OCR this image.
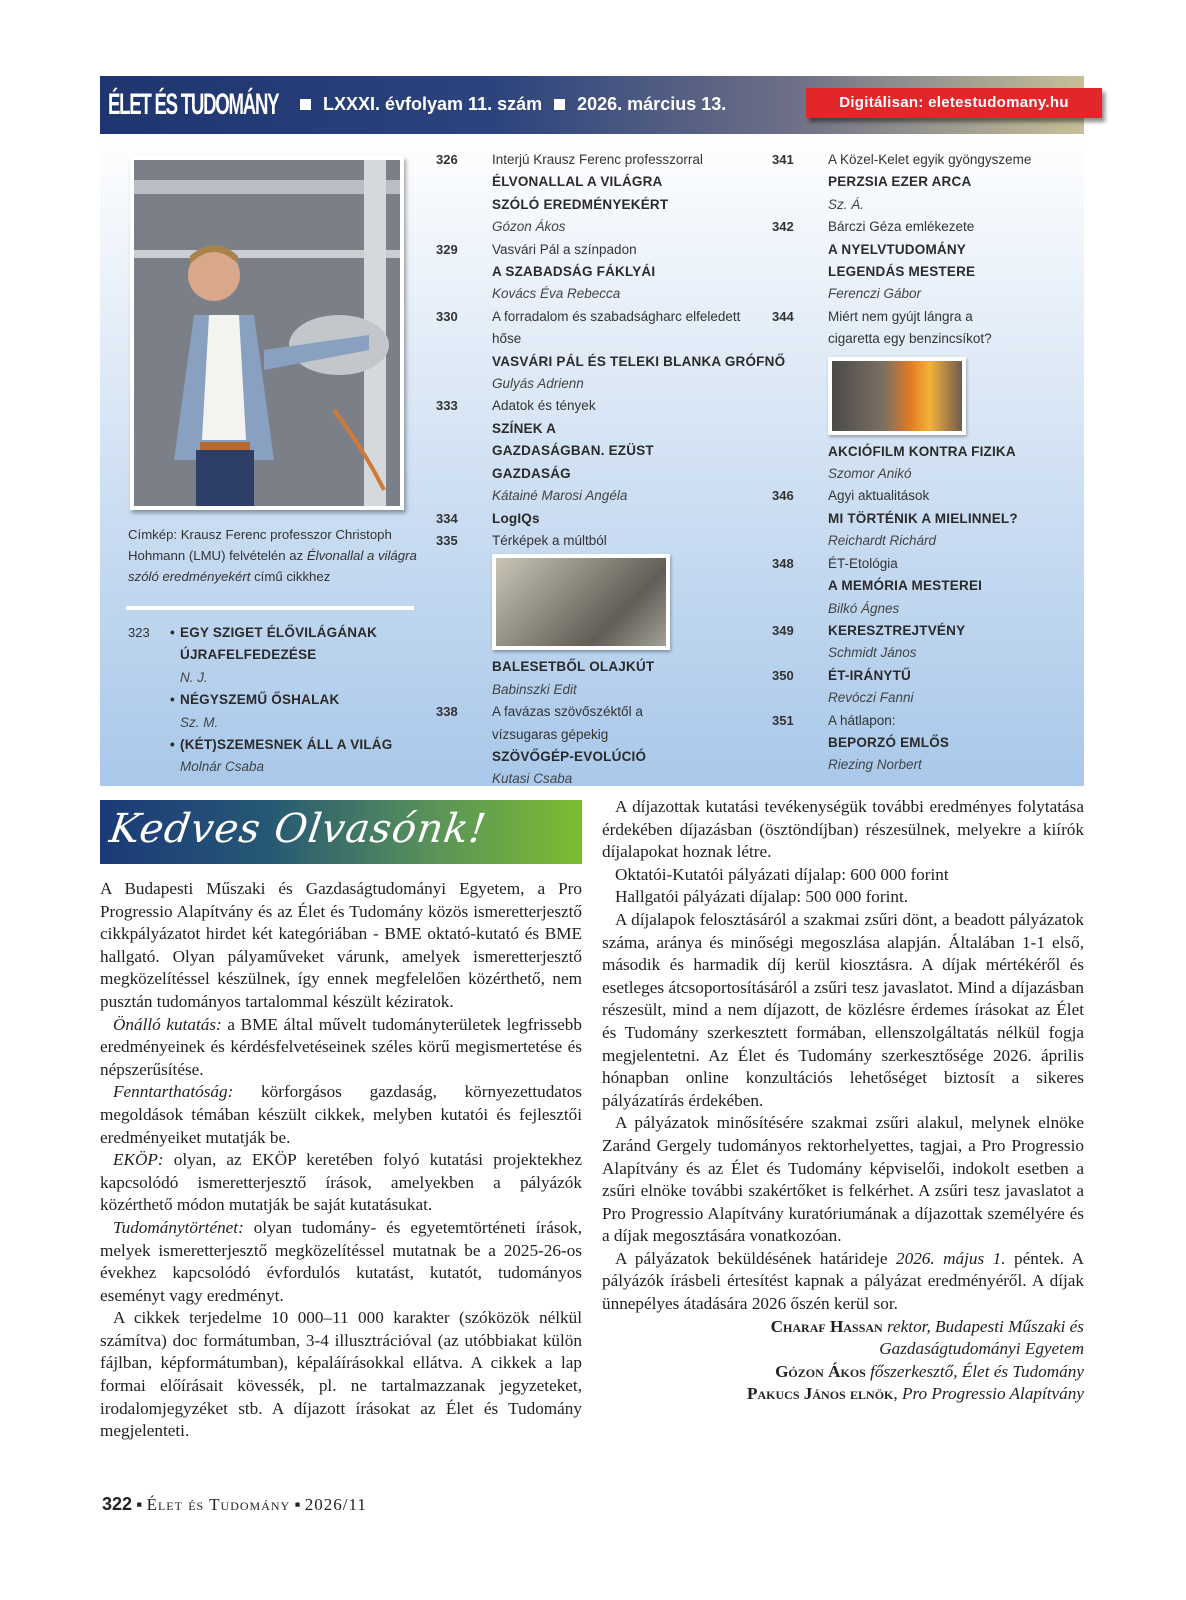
ÉLET ÉS TUDOMÁNY	LXXXI. évfolyam 11. szám 2026. március 13.	Digitálisan: eletestudomany.hu
Címkép: Krausz Ferenc professzor Christoph Hohmann (LMU) felvételén az Élvonallal a világra szóló eredményekért című cikkhez
323 • EGY SZIGET ÉLŐVILÁGÁNAK ÚJRAFELFEDEZÉSE
N. J.
• NÉGYSZEMŰ ŐSHALAK
Sz. M.
• (KÉT)SZEMESNEK ÁLL A VILÁG
Molnár Csaba
326	Interjú Krausz Ferenc professzorral
ÉLVONALLAL A VILÁGRA SZÓLÓ EREDMÉNYEKÉRT
Gózon Ákos
329	Vasvári Pál a színpadon
A SZABADSÁG FÁKLYÁI
Kovács Éva Rebecca
330	A forradalom és szabadságharc elfeledett hőse
VASVÁRI PÁL ÉS TELEKI BLANKA GRÓFNŐ
Gulyás Adrienn
333	Adatok és tények
SZÍNEK A GAZDASÁGBAN. EZÜST GAZDASÁG
Kátainé Marosi Angéla
334	LogIQs
335	Térképek a múltból
BALESETBŐL OLAJKÚT
Babinszki Edit
338	A favázas szövőszéktől a vízsugaras gépekig
SZÖVŐGÉP-EVOLÚCIÓ
Kutasi Csaba
341	A Közel-Kelet egyik gyöngyszeme
PERZSIA EZER ARCA
Sz. Á.
342	Bárczi Géza emlékezete
A NYELVTUDOMÁNY LEGENDÁS MESTERE
Ferenczi Gábor
344	Miért nem gyújt lángra a cigaretta egy benzincsíkot?
AKCIÓFILM KONTRA FIZIKA
Szomor Anikó
346	Agyi aktualitások
MI TÖRTÉNIK A MIELINNEL?
Reichardt Richárd
348	ÉT-Etológia
A MEMÓRIA MESTEREI
Bilkó Ágnes
349	KERESZTREJTVÉNY
Schmidt János
350	ÉT-IRÁNYTŰ
Revóczi Fanni
351	A hátlapon:
BEPORZÓ EMLŐS
Riezing Norbert
Kedves Olvasónk!

A Budapesti Műszaki és Gazdaságtudományi Egyetem, a Pro Progressio Alapítvány és az Élet és Tudomány közös ismeretterjesztő cikkpályázatot hirdet két kategóriában - BME oktató-kutató és BME hallgató. Olyan pályaműveket várunk, amelyek ismeretterjesztő megközelítéssel készülnek, így ennek megfelelően közérthető, nem pusztán tudományos tartalommal készült kéziratok.

Önálló kutatás: a BME által művelt tudományterületek legfrissebb eredményeinek és kérdésfelvetéseinek széles körű megismertetése és népszerűsítése.

Fenntarthatóság: körforgásos gazdaság, környezettudatos megoldások témában készült cikkek, melyben kutatói és fejlesztői eredményeiket mutatják be.

EKÖP: olyan, az EKÖP keretében folyó kutatási projektekhez kapcsolódó ismeretterjesztő írások, amelyekben a pályázók közérthető módon mutatják be saját kutatásukat.

Tudománytörténet: olyan tudomány- és egyetemtörténeti írások, melyek ismeretterjesztő megközelítéssel mutatnak be a 2025-26-os évekhez kapcsolódó évfordulós kutatást, kutatót, tudományos eseményt vagy eredményt.

A cikkek terjedelme 10 000–11 000 karakter (szóközök nélkül számítva) doc formátumban, 3-4 illusztrációval (az utóbbiakat külön fájlban, képformátumban), képaláírásokkal ellátva. A cikkek a lap formai előírásait kövessék, pl. ne tartalmazzanak jegyzeteket, irodalomjegyzéket stb. A díjazott írásokat az Élet és Tudomány megjelenteti.

A díjazottak kutatási tevékenységük további eredményes folytatása érdekében díjazásban (ösztöndíjban) részesülnek, melyekre a kiírók díjalapokat hoznak létre.

Oktatói-Kutatói pályázati díjalap: 600 000 forint

Hallgatói pályázati díjalap: 500 000 forint.

A díjalapok felosztásáról a szakmai zsűri dönt, a beadott pályázatok száma, aránya és minőségi megoszlása alapján. Általában 1-1 első, második és harmadik díj kerül kiosztásra. A díjak mértékéről és esetleges átcsoportosításáról a zsűri tesz javaslatot. Mind a díjazásban részesült, mind a nem díjazott, de közlésre érdemes írásokat az Élet és Tudomány szerkesztett formában, ellenszolgáltatás nélkül fogja megjelentetni. Az Élet és Tudomány szerkesztősége 2026. április hónapban online konzultációs lehetőséget biztosít a sikeres pályázatírás érdekében.

A pályázatok minősítésére szakmai zsűri alakul, melynek elnöke Zaránd Gergely tudományos rektorhelyettes, tagjai, a Pro Progressio Alapítvány és az Élet és Tudomány képviselői, indokolt esetben a zsűri elnöke további szakértőket is felkérhet. A zsűri tesz javaslatot a Pro Progressio Alapítvány kuratóriumának a díjazottak személyére és a díjak megosztására vonatkozóan.

A pályázatok beküldésének határideje 2026. május 1. péntek. A pályázók írásbeli értesítést kapnak a pályázat eredményéről. A díjak ünnepélyes átadására 2026 őszén kerül sor.

Charaf Hassan rektor, Budapesti Műszaki és Gazdaságtudományi Egyetem

Gózon Ákos főszerkesztő, Élet és Tudomány

Pakucs János elnök, Pro Progressio Alapítvány

322 ▪ Élet és Tudomány ▪ 2026/11
